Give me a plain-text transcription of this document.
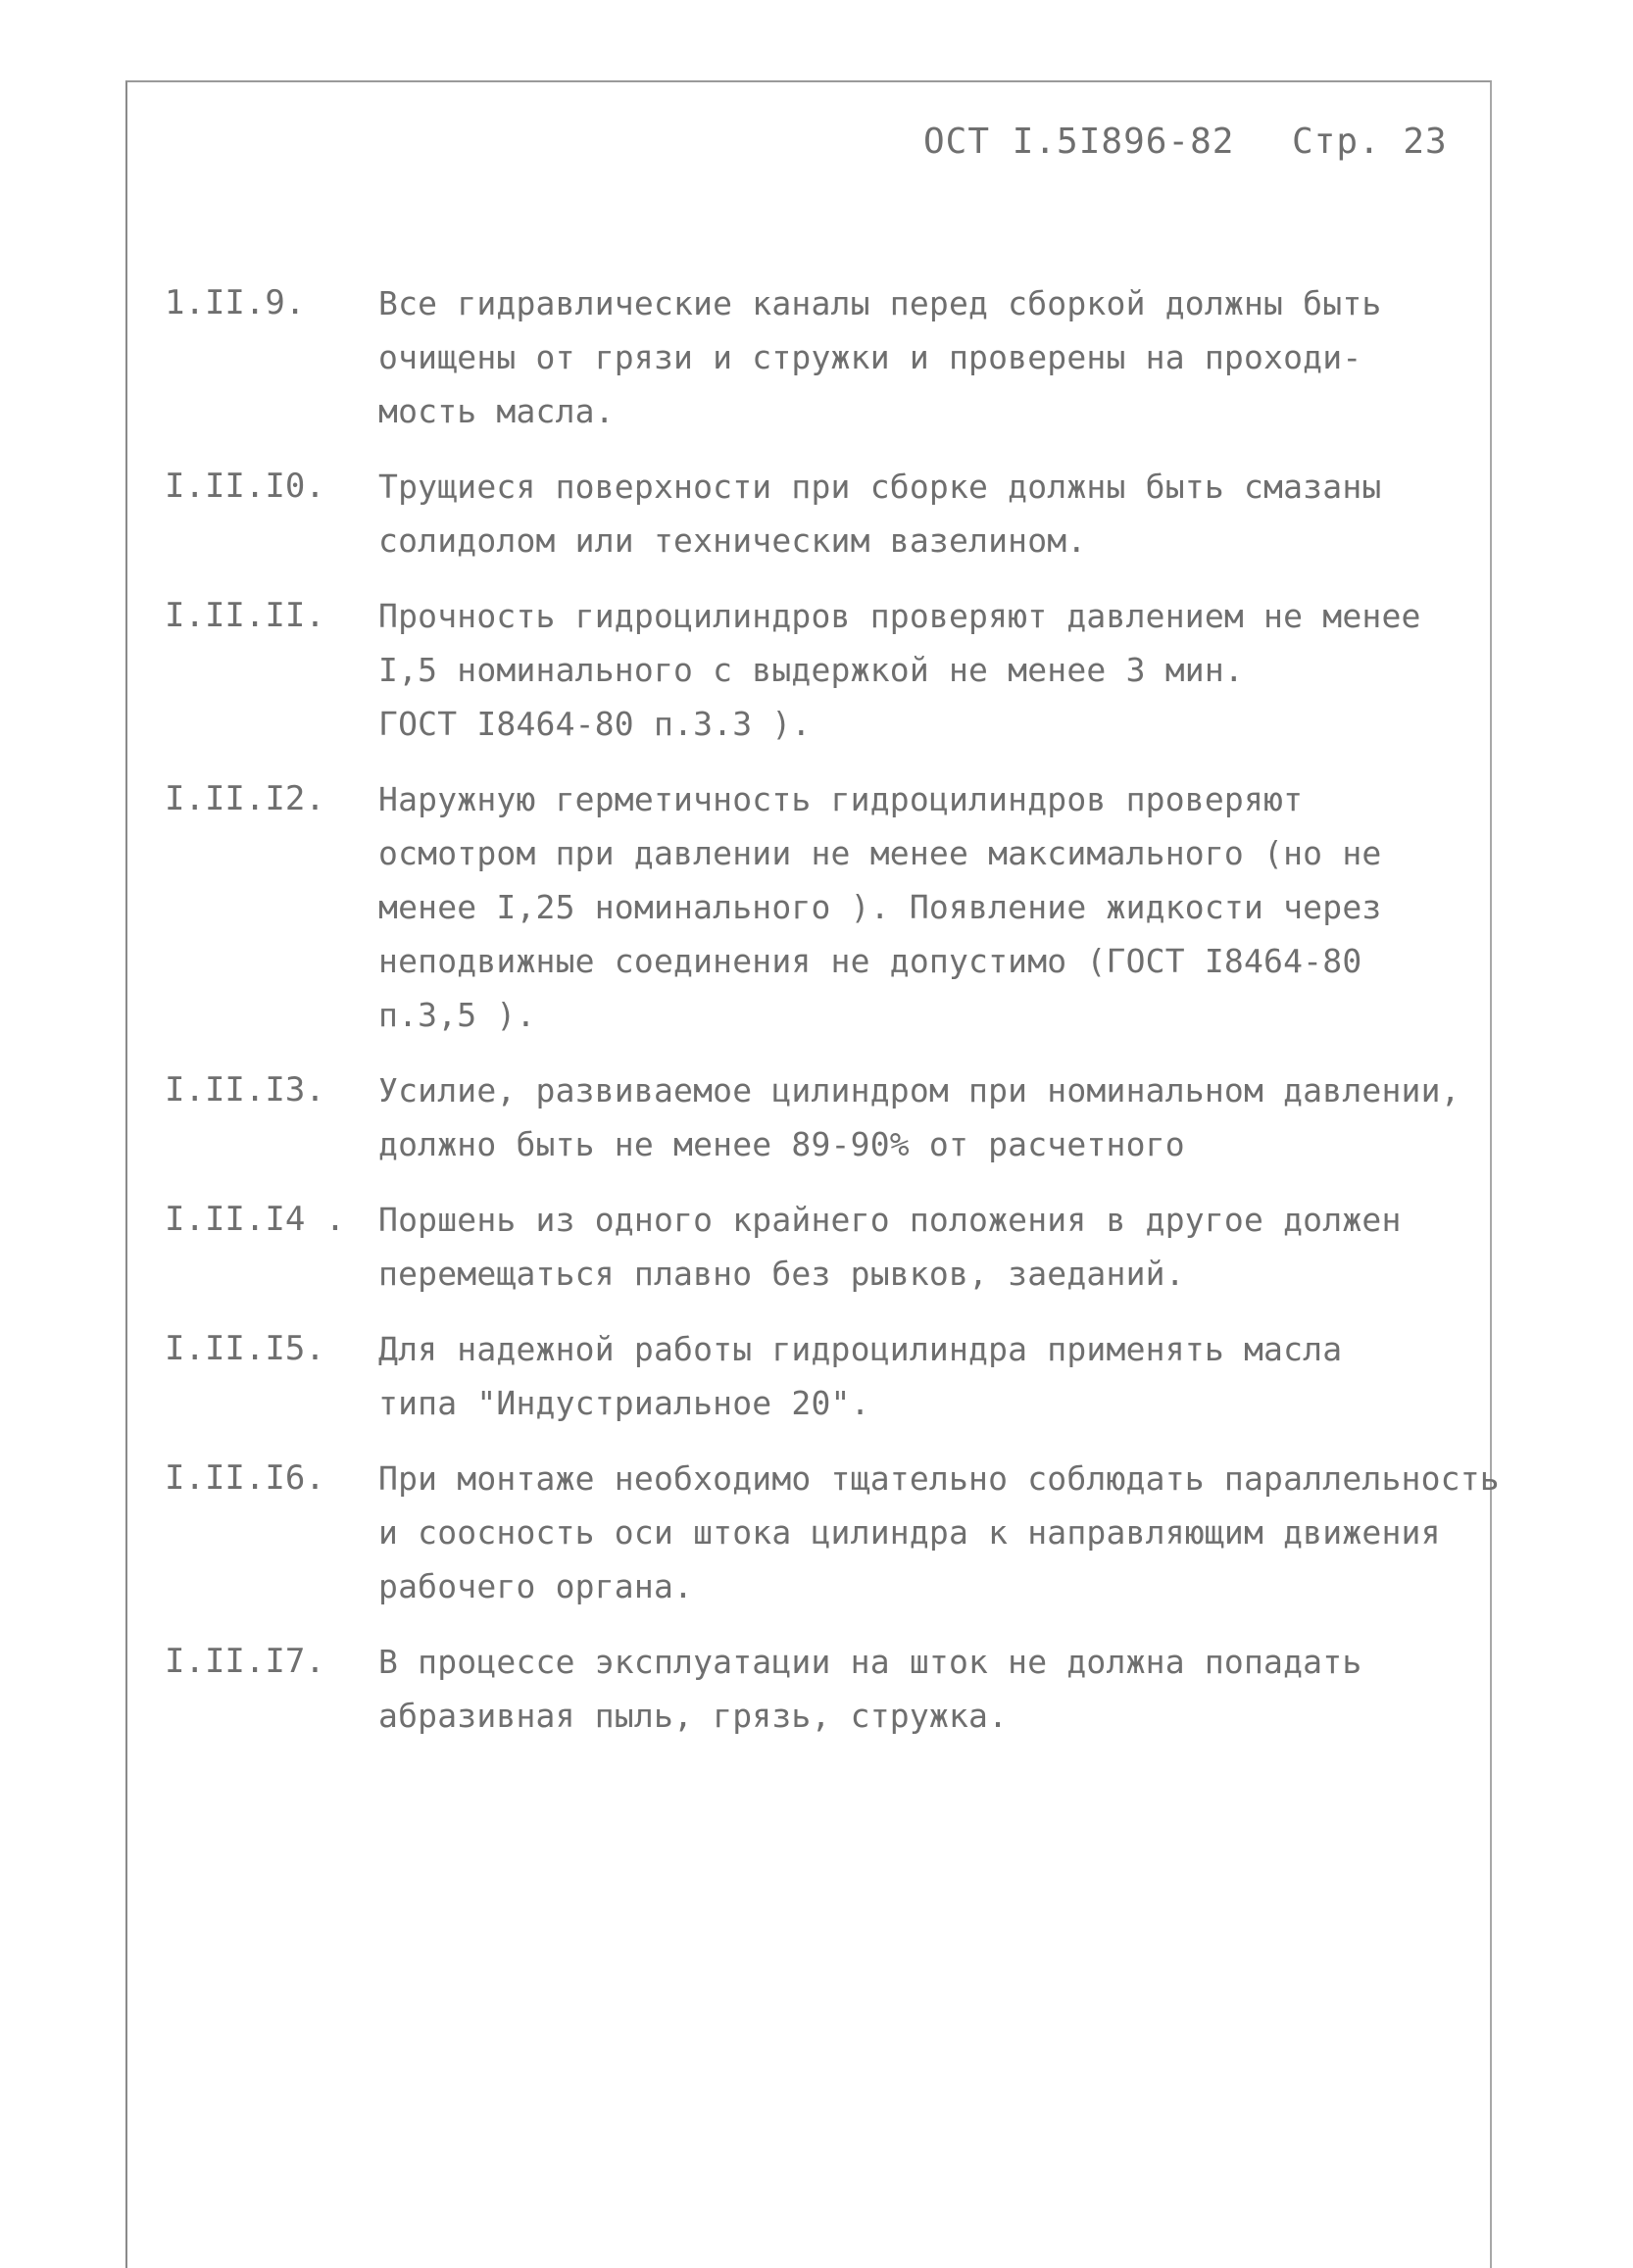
ОСТ I.5I896-82 Стр. 23
1.II.9.	Все гидравлические каналы перед сборкой должны быть
очищены от грязи и стружки и проверены на проходи-
мость масла.
I.II.I0.	Трущиеся поверхности при сборке должны быть смазаны
солидолом или техническим вазелином.
I.II.II.	Прочность гидроцилиндров проверяют давлением не менее
I,5 номинального с выдержкой не менее 3 мин.
ГОСТ I8464-80 п.3.3 ).
I.II.I2.	Наружную герметичность гидроцилиндров проверяют
осмотром при давлении не менее максимального (но не
менее I,25 номинального ). Появление жидкости через
неподвижные соединения не допустимо (ГОСТ I8464-80
п.3,5 ).
I.II.I3.	Усилие, развиваемое цилиндром при номинальном давлении,
должно быть не менее 89-90% от расчетного
I.II.I4 .	Поршень из одного крайнего положения в другое должен
перемещаться плавно без рывков, заеданий.
I.II.I5.	Для надежной работы гидроцилиндра применять масла
типа "Индустриальное 20".
I.II.I6.	При монтаже необходимо тщательно соблюдать параллельность
и соосность оси штока цилиндра к направляющим движения
рабочего органа.
I.II.I7.	В процессе эксплуатации на шток не должна попадать
абразивная пыль, грязь, стружка.
